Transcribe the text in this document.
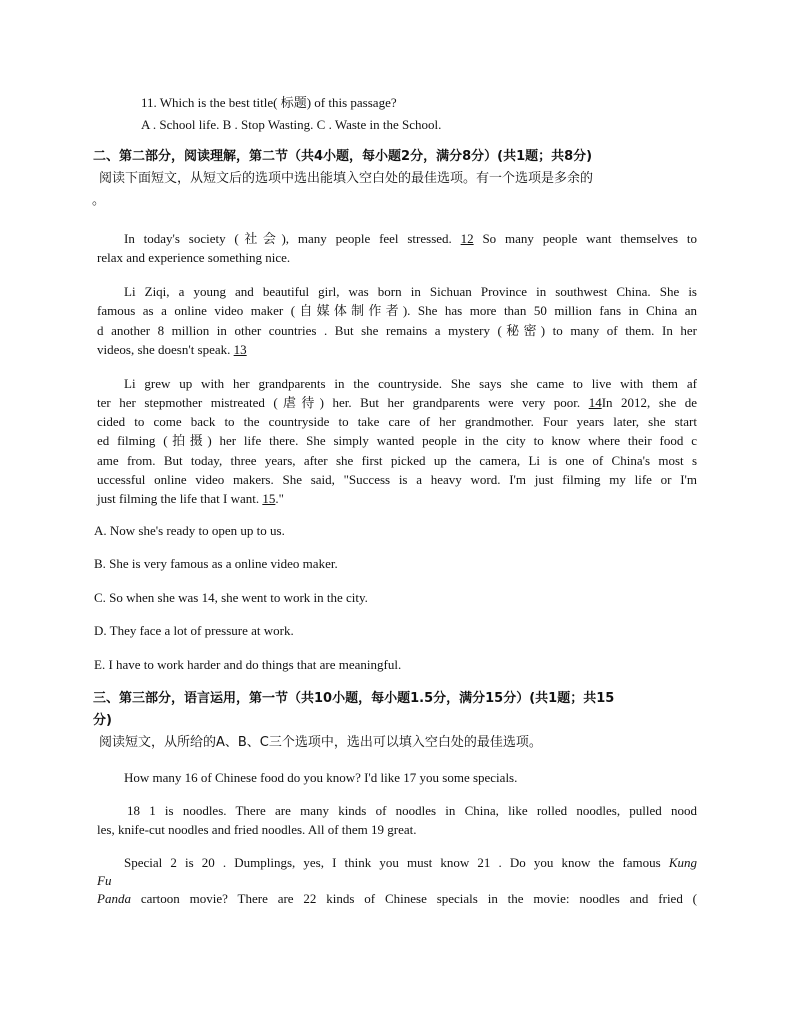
11. Which is the best title( 标题) of this passage?
A . School life. B . Stop Wasting. C . Waste in the School.
二、第二部分，阅读理解，第二节（共4小题，每小题2分，满分8分）(共1题；共8分)
阅读下面短文，从短文后的选项中选出能填入空白处的最佳选项。有一个选项是多余的
。
In today's society (社会), many people feel stressed. 12 So many people want themselves to
relax and experience something nice.
Li Ziqi, a young and beautiful girl, was born in Sichuan Province in southwest China. She is
famous as a online video maker (自媒体制作者). She has more than 50 million fans in China an
d another 8 million in other countries . But she remains a mystery (秘密) to many of them. In her
videos, she doesn't speak. 13
Li grew up with her grandparents in the countryside. She says she came to live with them af
ter her stepmother mistreated (虐待) her. But her grandparents were very poor. 14In 2012, she de
cided to come back to the countryside to take care of her grandmother. Four years later, she start
ed filming (拍摄) her life there. She simply wanted people in the city to know where their food c
ame from. But today, three years, after she first picked up the camera, Li is one of China's most s
uccessful online video makers. She said, "Success is a heavy word. I'm just filming my life or I'm
just filming the life that I want. 15."
A. Now she's ready to open up to us.
B. She is very famous as a online video maker.
C. So when she was 14, she went to work in the city.
D. They face a lot of pressure at work.
E. I have to work harder and do things that are meaningful.
三、第三部分，语言运用，第一节（共10小题，每小题1.5分，满分15分）(共1题；共15
分)
阅读短文，从所给的A、B、C三个选项中，选出可以填入空白处的最佳选项。
How many 16 of Chinese food do you know? I'd like 17 you some specials.
18 1 is noodles. There are many kinds of noodles in China, like rolled noodles, pulled nood
les, knife-cut noodles and fried noodles. All of them 19 great.
Special 2 is 20 . Dumplings, yes, I think you must know 21 . Do you know the famous Kung
Fu
Panda cartoon movie? There are 22 kinds of Chinese specials in the movie: noodles and fried (
